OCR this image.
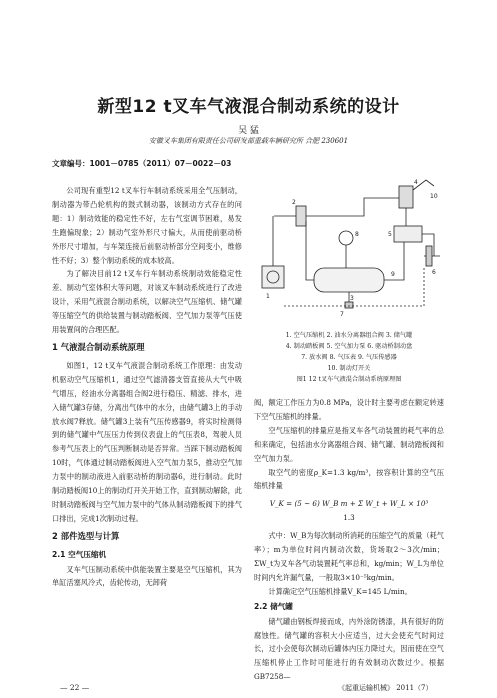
新型12 t叉车气液混合制动系统的设计
吴 猛
安徽叉车集团有限责任公司研发部重载车辆研究所 合肥 230601
文章编号：1001－0785（2011）07－0022－03

公司现有重型12 t叉车行车制动系统采用全气压制动，制动器为带凸轮机构的鼓式制动器，该制动方式存在的问题：1）制动效能的稳定性不好，左右气室调节困难，易发生跑偏现象；2）制动气室外形尺寸偏大，从而使前驱动桥外形尺寸增加，与车架连接后前驱动桥部分空间变小，维修性不好；3）整个制动系统的成本较高。

为了解决目前12 t叉车行车制动系统制动效能稳定性差、制动气室体积大等问题，对该叉车制动系统进行了改进设计，采用气液混合制动系统，以解决空气压缩机、储气罐等压缩空气的供给装置与制动踏板阀、空气加力泵等气压使用装置间的合理匹配。

1 气液混合制动系统原理

如图1，12 t叉车气液混合制动系统工作原理：由发动机驱动空气压缩机1，通过空气滤清器支管直接从大气中吸气增压，经油水分离器组合阀2进行稳压、精滤、排水，进入储气罐3存储，分离出气体中的水分，由储气罐3上的手动放水阀7释放。储气罐3上装有气压传感器9，将实时检测得到的储气罐中气压压力传到仪表盘上的气压表8，驾驶人员参考气压表上的气压判断制动是否异常。当踩下制动踏板阀10时，气体通过制动踏板阀进入空气加力泵5，推动空气加力泵中的制动液进入前驱动桥的制动器6，进行制动。此时制动踏板阀10上的制动灯开关开始工作，直到制动解除，此时制动踏板阀与空气加力泵中的气体从制动踏板阀下的排气口排出，完成1次制动过程。

2 部件选型与计算
2.1 空气压缩机

叉车气压制动系统中供能装置主要是空气压缩机，其为单缸活塞风冷式，齿轮传动，无卸荷

1
2
3
4
5
6
7
8
9
10
1. 空气压缩机 2. 油水分离器组合阀 3. 储气罐
4. 制动踏板阀 5. 空气加力泵 6. 驱动桥制动盘
7. 放水阀 8. 气压表 9. 气压传感器
10. 制动灯开关
图1 12 t叉车气液混合制动系统原理图

阀，额定工作压力为0.8 MPa，设计时主要考虑在额定转速下空气压缩机的排量。

空气压缩机的排量应是指叉车各气动装置的耗气率的总和来确定，包括油水分离器组合阀、储气罐、制动踏板阀和空气加力泵。

取空气的密度ρ_K=1.3 kg/m³，按容积计算的空气压缩机排量

V_K = (5 ~ 6) W_B m + Σ W_t + W_L × 10³
1.3

式中：W_B为每次制动所消耗的压缩空气的质量（耗气率）；m为单位时间内制动次数，货场取2～3次/min；ΣW_t为叉车各气动装置耗气率总和，kg/min；W_L为单位时间内允许漏气量，一般取3×10⁻⁵kg/min。

计算确定空气压缩机排量V_K=145 L/min。

2.2 储气罐

储气罐由钢板焊接而成，内外涂防锈漆，具有很好的防腐蚀性。储气罐的容积大小应适当，过大会使充气时间过长，过小会使每次制动后罐体内压力降过大，因而使在空气压缩机停止工作时可能进行的有效制动次数过少。根据GB7258—

— 22 —	《起重运输机械》 2011（7）
